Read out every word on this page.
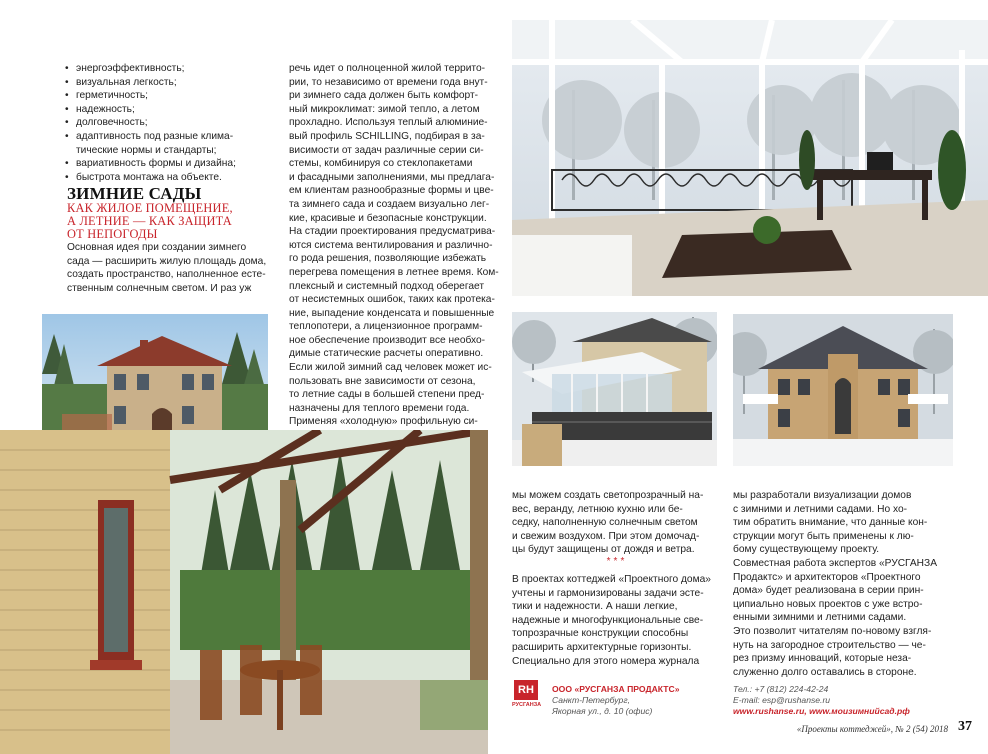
• энергоэффективность;
• визуальная легкость;
• герметичность;
• надежность;
• долговечность;
• адаптивность под разные клима-
тические нормы и стандарты;
• вариативность формы и дизайна;
• быстрота монтажа на объекте.
ЗИМНИЕ САДЫ
КАК ЖИЛОЕ ПОМЕЩЕНИЕ,
А ЛЕТНИЕ — КАК ЗАЩИТА
ОТ НЕПОГОДЫ

Основная идея при создании зимнего
сада — расширить жилую площадь дома,
создать пространство, наполненное есте-
ственным солнечным светом. И раз уж

речь идет о полноценной жилой террито-
рии, то независимо от времени года внут-
ри зимнего сада должен быть комфорт-
ный микроклимат: зимой тепло, а летом
прохладно. Используя теплый алюминие-
вый профиль SCHILLING, подбирая в за-
висимости от задач различные серии си-
стемы, комбинируя со стеклопакетами
и фасадными заполнениями, мы предлага-
ем клиентам разнообразные формы и цве-
та зимнего сада и создаем визуально лег-
кие, красивые и безопасные конструкции.
На стадии проектирования предусматрива-
ются система вентилирования и различно-
го рода решения, позволяющие избежать
перегрева помещения в летнее время. Ком-
плексный и системный подход оберегает
от несистемных ошибок, таких как протека-
ние, выпадение конденсата и повышенные
теплопотери, а лицензионное программ-
ное обеспечение производит все необхо-
димые статические расчеты оперативно.
Если жилой зимний сад человек может ис-
пользовать вне зависимости от сезона,
то летние сады в большей степени пред-
назначены для теплого времени года.
Применяя «холодную» профильную си-

мы можем создать светопрозрачный на-
вес, веранду, летнюю кухню или бе-
седку, наполненную солнечным светом
и свежим воздухом. При этом домочад-
цы будут защищены от дождя и ветра.

***

В проектах коттеджей «Проектного дома»
учтены и гармонизированы задачи эсте-
тики и надежности. А наши легкие,
надежные и многофункциональные све-
топрозрачные конструкции способны
расширить архитектурные горизонты.
Специально для этого номера журнала

мы разработали визуализации домов
с зимними и летними садами. Но хо-
тим обратить внимание, что данные кон-
струкции могут быть применены к лю-
бому существующему проекту.
Совместная работа экспертов «РУСГАНЗА
Продактс» и архитекторов «Проектного
дома» будет реализована в серии прин-
ципиально новых проектов с уже встро-
енными зимними и летними садами.
Это позволит читателям по-новому взгля-
нуть на загородное строительство — че-
рез призму инноваций, которые неза-
служенно долго оставались в стороне.

RH
РУСГАНЗА
ООО «РУСГАНЗА ПРОДАКТС»
Санкт-Петербург,
Якорная ул., д. 10 (офис)
Тел.: +7 (812) 224-42-24
E-mail: esp@rushanse.ru
www.rushanse.ru, www.моизимнийсад.рф
«Проекты коттеджей», № 2 (54) 2018 37
